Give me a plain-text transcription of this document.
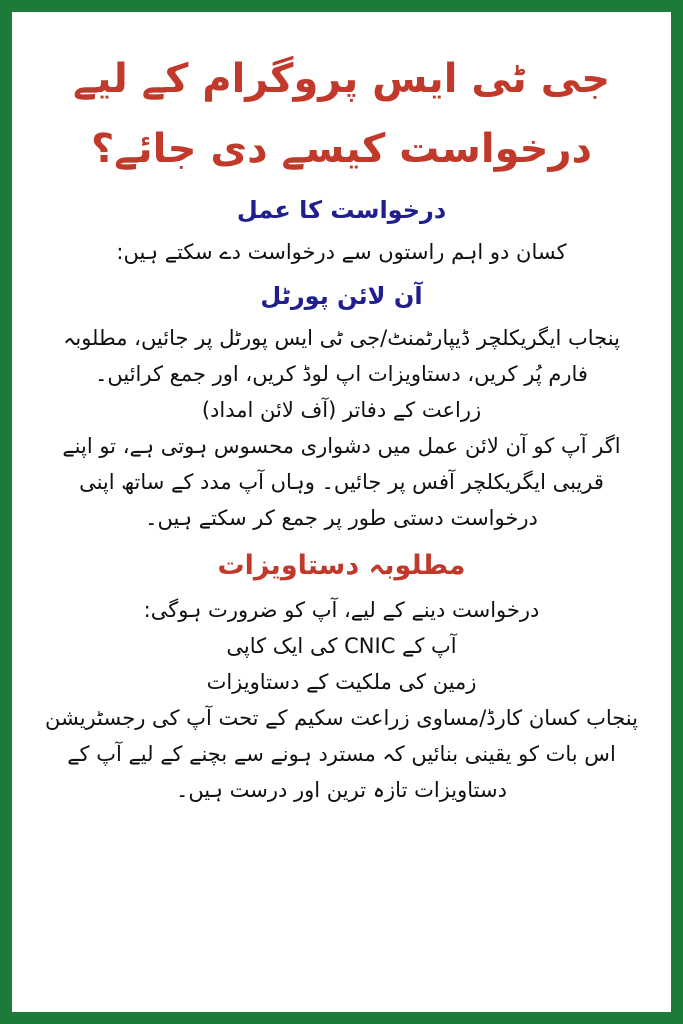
جی ٹی ایس پروگرام کے لیے درخواست کیسے دی جائے؟
درخواست کا عمل

کسان دو اہم راستوں سے درخواست دے سکتے ہیں:

آن لائن پورٹل

پنجاب ایگریکلچر ڈیپارٹمنٹ/جی ٹی ایس پورٹل پر جائیں، مطلوبہ فارم پُر کریں، دستاویزات اپ لوڈ کریں، اور جمع کرائیں۔

زراعت کے دفاتر (آف لائن امداد)

اگر آپ کو آن لائن عمل میں دشواری محسوس ہوتی ہے، تو اپنے قریبی ایگریکلچر آفس پر جائیں۔ وہاں آپ مدد کے ساتھ اپنی درخواست دستی طور پر جمع کر سکتے ہیں۔

مطلوبہ دستاویزات

درخواست دینے کے لیے، آپ کو ضرورت ہوگی:

آپ کے CNIC کی ایک کاپی

زمین کی ملکیت کے دستاویزات

پنجاب کسان کارڈ/مساوی زراعت سکیم کے تحت آپ کی رجسٹریشن

اس بات کو یقینی بنائیں کہ مسترد ہونے سے بچنے کے لیے آپ کے دستاویزات تازہ ترین اور درست ہیں۔
